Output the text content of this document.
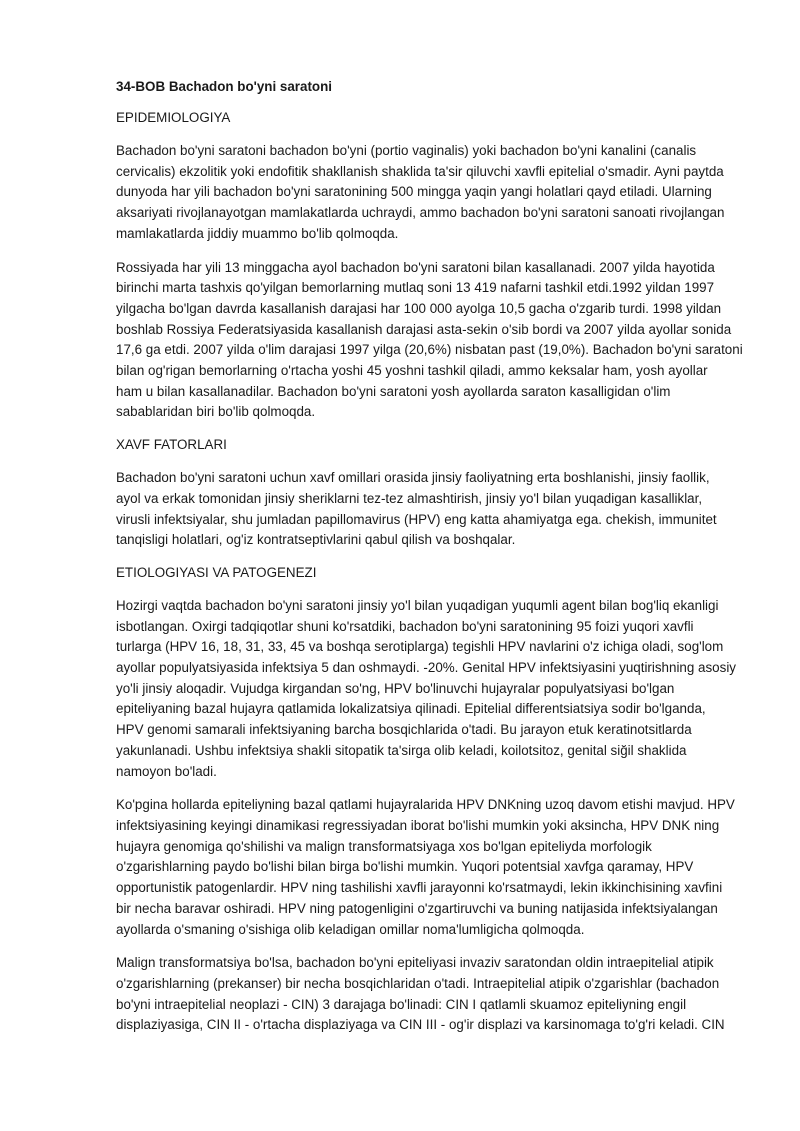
34-BOB Bachadon bo'yni saratoni
EPIDEMIOLOGIYA
Bachadon bo'yni saratoni bachadon bo'yni (portio vaginalis) yoki bachadon bo'yni kanalini (canalis
cervicalis) ekzolitik yoki endofitik shakllanish shaklida ta'sir qiluvchi xavfli epitelial o'smadir. Ayni paytda
dunyoda har yili bachadon bo'yni saratonining 500 mingga yaqin yangi holatlari qayd etiladi. Ularning
aksariyati rivojlanayotgan mamlakatlarda uchraydi, ammo bachadon bo'yni saratoni sanoati rivojlangan
mamlakatlarda jiddiy muammo bo'lib qolmoqda.
Rossiyada har yili 13 minggacha ayol bachadon bo'yni saratoni bilan kasallanadi. 2007 yilda hayotida
birinchi marta tashxis qo'yilgan bemorlarning mutlaq soni 13 419 nafarni tashkil etdi.1992 yildan 1997
yilgacha bo'lgan davrda kasallanish darajasi har 100 000 ayolga 10,5 gacha o'zgarib turdi. 1998 yildan
boshlab Rossiya Federatsiyasida kasallanish darajasi asta-sekin o'sib bordi va 2007 yilda ayollar sonida
17,6 ga etdi. 2007 yilda o'lim darajasi 1997 yilga (20,6%) nisbatan past (19,0%). Bachadon bo'yni saratoni
bilan og'rigan bemorlarning o'rtacha yoshi 45 yoshni tashkil qiladi, ammo keksalar ham, yosh ayollar
ham u bilan kasallanadilar. Bachadon bo'yni saratoni yosh ayollarda saraton kasalligidan o'lim
sabablaridan biri bo'lib qolmoqda.
XAVF FATORLARI
Bachadon bo'yni saratoni uchun xavf omillari orasida jinsiy faoliyatning erta boshlanishi, jinsiy faollik,
ayol va erkak tomonidan jinsiy sheriklarni tez-tez almashtirish, jinsiy yo'l bilan yuqadigan kasalliklar,
virusli infektsiyalar, shu jumladan papillomavirus (HPV) eng katta ahamiyatga ega. chekish, immunitet
tanqisligi holatlari, og'iz kontratseptivlarini qabul qilish va boshqalar.
ETIOLOGIYASI VA PATOGENEZI
Hozirgi vaqtda bachadon bo'yni saratoni jinsiy yo'l bilan yuqadigan yuqumli agent bilan bog'liq ekanligi
isbotlangan. Oxirgi tadqiqotlar shuni ko'rsatdiki, bachadon bo'yni saratonining 95 foizi yuqori xavfli
turlarga (HPV 16, 18, 31, 33, 45 va boshqa serotiplarga) tegishli HPV navlarini o'z ichiga oladi, sog'lom
ayollar populyatsiyasida infektsiya 5 dan oshmaydi. -20%. Genital HPV infektsiyasini yuqtirishning asosiy
yo'li jinsiy aloqadir. Vujudga kirgandan so'ng, HPV bo'linuvchi hujayralar populyatsiyasi bo'lgan
epiteliyaning bazal hujayra qatlamida lokalizatsiya qilinadi. Epitelial differentsiatsiya sodir bo'lganda,
HPV genomi samarali infektsiyaning barcha bosqichlarida o'tadi. Bu jarayon etuk keratinotsitlarda
yakunlanadi. Ushbu infektsiya shakli sitopatik ta'sirga olib keladi, koilotsitoz, genital siğil shaklida
namoyon bo'ladi.
Ko'pgina hollarda epiteliyning bazal qatlami hujayralarida HPV DNKning uzoq davom etishi mavjud. HPV
infektsiyasining keyingi dinamikasi regressiyadan iborat bo'lishi mumkin yoki aksincha, HPV DNK ning
hujayra genomiga qo'shilishi va malign transformatsiyaga xos bo'lgan epiteliyda morfologik
o'zgarishlarning paydo bo'lishi bilan birga bo'lishi mumkin. Yuqori potentsial xavfga qaramay, HPV
opportunistik patogenlardir. HPV ning tashilishi xavfli jarayonni ko'rsatmaydi, lekin ikkinchisining xavfini
bir necha baravar oshiradi. HPV ning patogenligini o'zgartiruvchi va buning natijasida infektsiyalangan
ayollarda o'smaning o'sishiga olib keladigan omillar noma'lumligicha qolmoqda.
Malign transformatsiya bo'lsa, bachadon bo'yni epiteliyasi invaziv saratondan oldin intraepitelial atipik
o'zgarishlarning (prekanser) bir necha bosqichlaridan o'tadi. Intraepitelial atipik o'zgarishlar (bachadon
bo'yni intraepitelial neoplazi - CIN) 3 darajaga bo'linadi: CIN I qatlamli skuamoz epiteliyning engil
displaziyasiga, CIN II - o'rtacha displaziyaga va CIN III - og'ir displazi va karsinomaga to'g'ri keladi. CIN
